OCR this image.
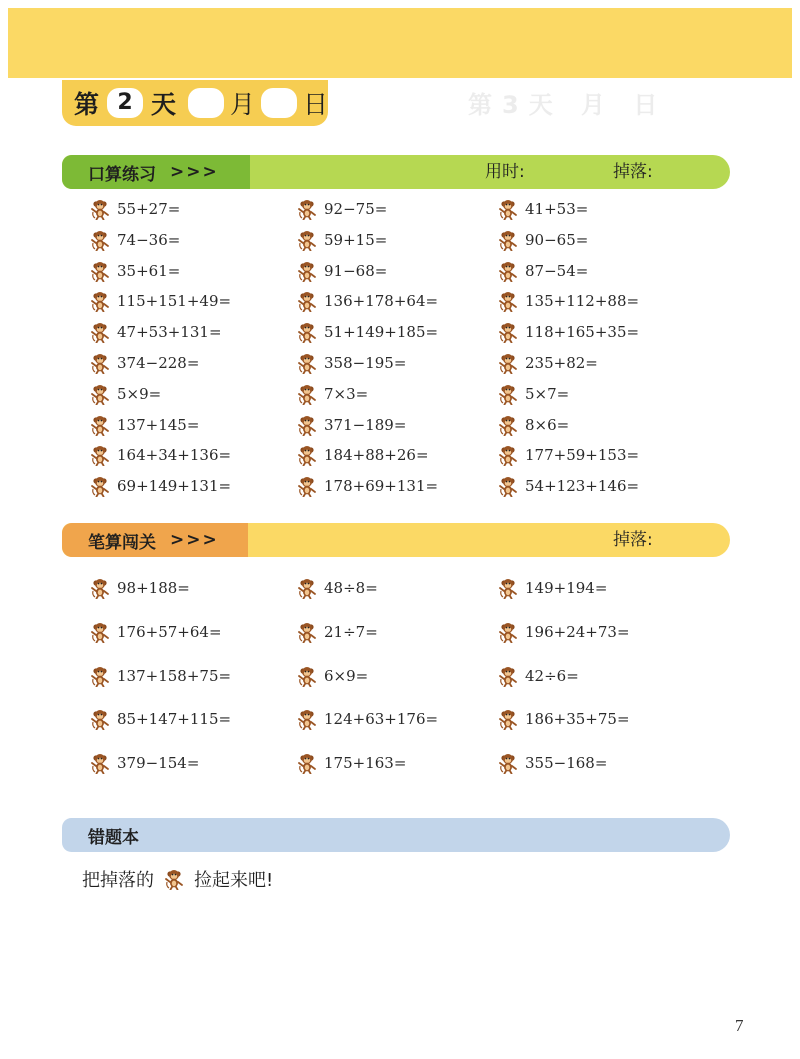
第 2 天 月 日	第3天 月 日
口算练习 >>>	用时:	掉落:
笔算闯关 >>>	掉落:
错题本
把掉落的 捡起来吧!
55+27=	92−75=	41+53=
74−36=	59+15=	90−65=
35+61=	91−68=	87−54=
115+151+49=	136+178+64=	135+112+88=
47+53+131=	51+149+185=	118+165+35=
374−228=	358−195=	235+82=
5×9=	7×3=	5×7=
137+145=	371−189=	8×6=
164+34+136=	184+88+26=	177+59+153=
69+149+131=	178+69+131=	54+123+146=
98+188=	48÷8=	149+194=
176+57+64=	21÷7=	196+24+73=
137+158+75=	6×9=	42÷6=
85+147+115=	124+63+176=	186+35+75=
379−154=	175+163=	355−168=
7
